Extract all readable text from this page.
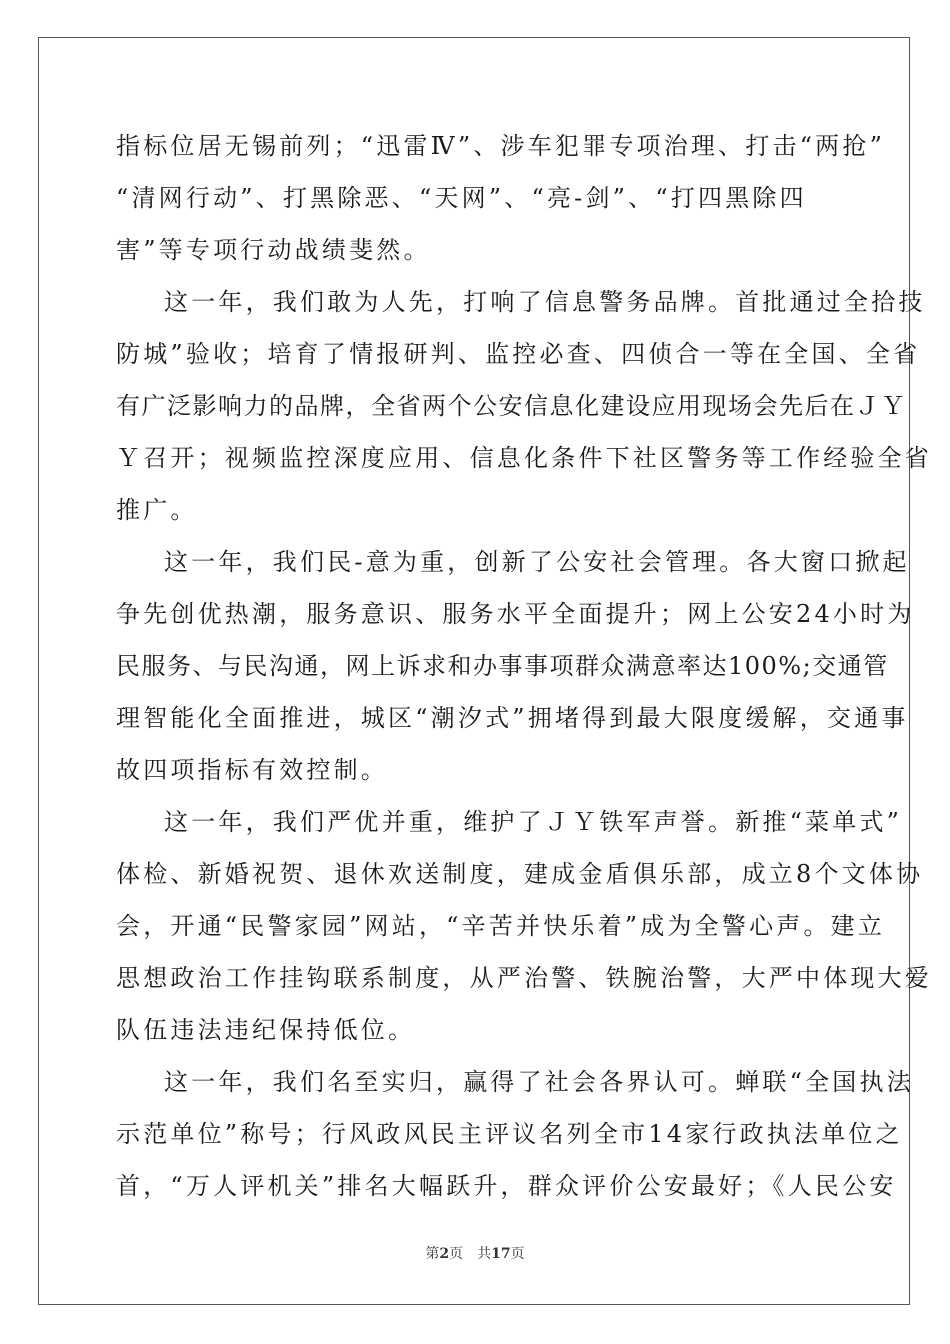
指标位居无锡前列；“迅雷Ⅳ”、涉车犯罪专项治理、打击“两抢”
“清网行动”、打黑除恶、“天网”、“亮-剑”、“打四黑除四
害”等专项行动战绩斐然。
这一年，我们敢为人先，打响了信息警务品牌。首批通过全拾技
防城”验收；培育了情报研判、监控必查、四侦合一等在全国、全省
有广泛影响力的品牌，全省两个公安信息化建设应用现场会先后在ＪＹ
Ｙ召开；视频监控深度应用、信息化条件下社区警务等工作经验全省
推广。
这一年，我们民-意为重，创新了公安社会管理。各大窗口掀起
争先创优热潮，服务意识、服务水平全面提升；网上公安24小时为
民服务、与民沟通，网上诉求和办事事项群众满意率达100%;交通管
理智能化全面推进，城区“潮汐式”拥堵得到最大限度缓解，交通事
故四项指标有效控制。
这一年，我们严优并重，维护了ＪＹ铁军声誉。新推“菜单式”
体检、新婚祝贺、退休欢送制度，建成金盾俱乐部，成立8个文体协
会，开通“民警家园”网站，“辛苦并快乐着”成为全警心声。建立
思想政治工作挂钩联系制度，从严治警、铁腕治警，大严中体现大爱
队伍违法违纪保持低位。
这一年，我们名至实归，赢得了社会各界认可。蝉联“全国执法
示范单位”称号；行风政风民主评议名列全市14家行政执法单位之
首，“万人评机关”排名大幅跃升，群众评价公安最好；《人民公安
第2页 共17页
